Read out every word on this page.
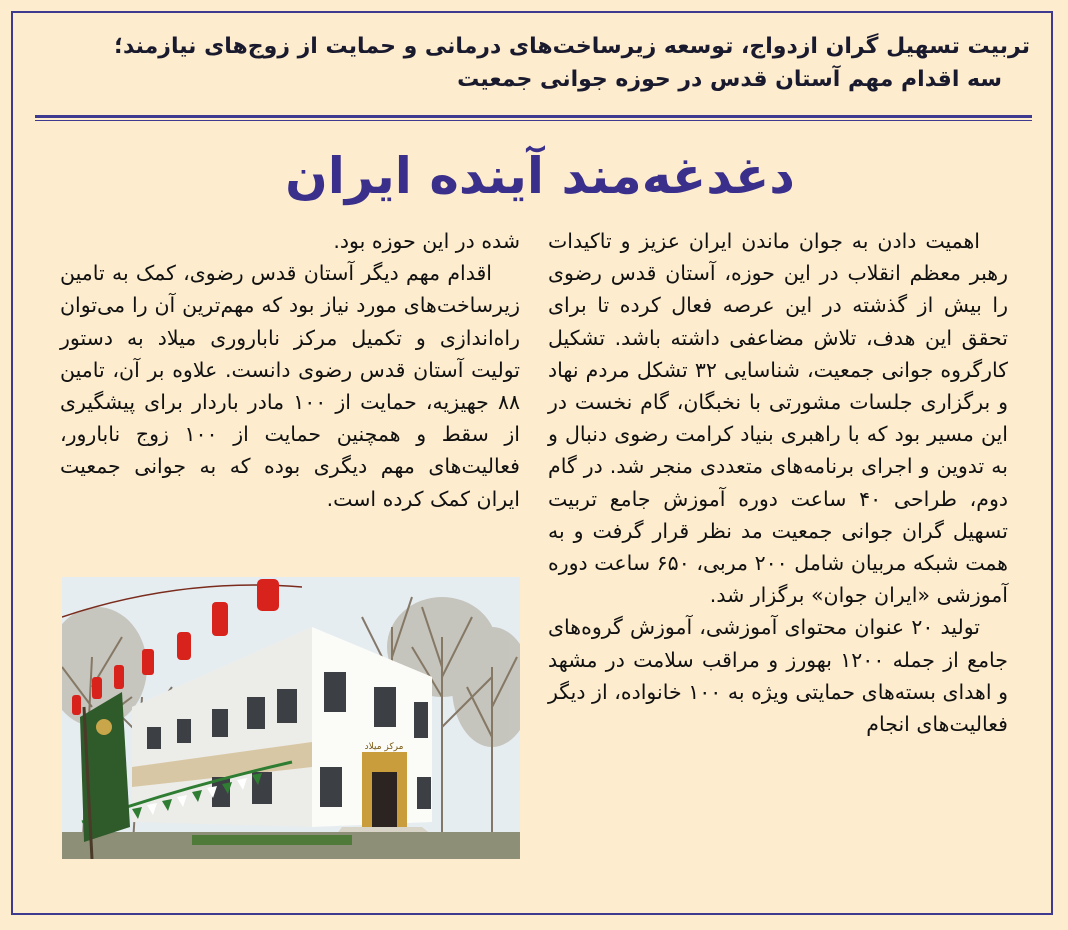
تربیت تسهیل گران ازدواج، توسعه زیرساخت‌های درمانی و حمایت از زوج‌های نیازمند؛
سه اقدام مهم آستان قدس در حوزه جوانی جمعیت
دغدغه‌مند آینده ایران

اهمیت دادن به جوان ماندن ایران عزیز و تاکیدات رهبر معظم انقلاب در این حوزه، آستان قدس رضوی را بیش از گذشته در این عرصه فعال کرده تا برای تحقق این هدف، تلاش مضاعفی داشته باشد. تشکیل کارگروه جوانی جمعیت، شناسایی ۳۲ تشکل مردم نهاد و برگزاری جلسات مشورتی با نخبگان، گام نخست در این مسیر بود که با راهبری بنیاد کرامت رضوی دنبال و به تدوین و اجرای برنامه‌های متعددی منجر شد. در گام دوم، طراحی ۴۰ ساعت دوره آموزش جامع تربیت تسهیل گران جوانی جمعیت مد نظر قرار گرفت و به همت شبکه مربیان شامل ۲۰۰ مربی، ۶۵۰ ساعت دوره آموزشی «ایران جوان» برگزار شد.

تولید ۲۰ عنوان محتوای آموزشی، آموزش گروه‌های جامع از جمله ۱۲۰۰ بهورز و مراقب سلامت در مشهد و اهدای بسته‌های حمایتی ویژه به ۱۰۰ خانواده، از دیگر فعالیت‌های انجام

شده در این حوزه بود.

اقدام مهم دیگر آستان قدس رضوی، کمک به تامین زیرساخت‌های مورد نیاز بود که مهم‌ترین آن را می‌توان راه‌اندازی و تکمیل مرکز ناباروری میلاد به دستور تولیت آستان قدس رضوی دانست. علاوه بر آن، تامین ۸۸ جهیزیه، حمایت از ۱۰۰ مادر باردار برای پیشگیری از سقط و همچنین حمایت از ۱۰۰ زوج نابارور، فعالیت‌های مهم دیگری بوده که به جوانی جمعیت ایران کمک کرده است.

مرکز میلاد
